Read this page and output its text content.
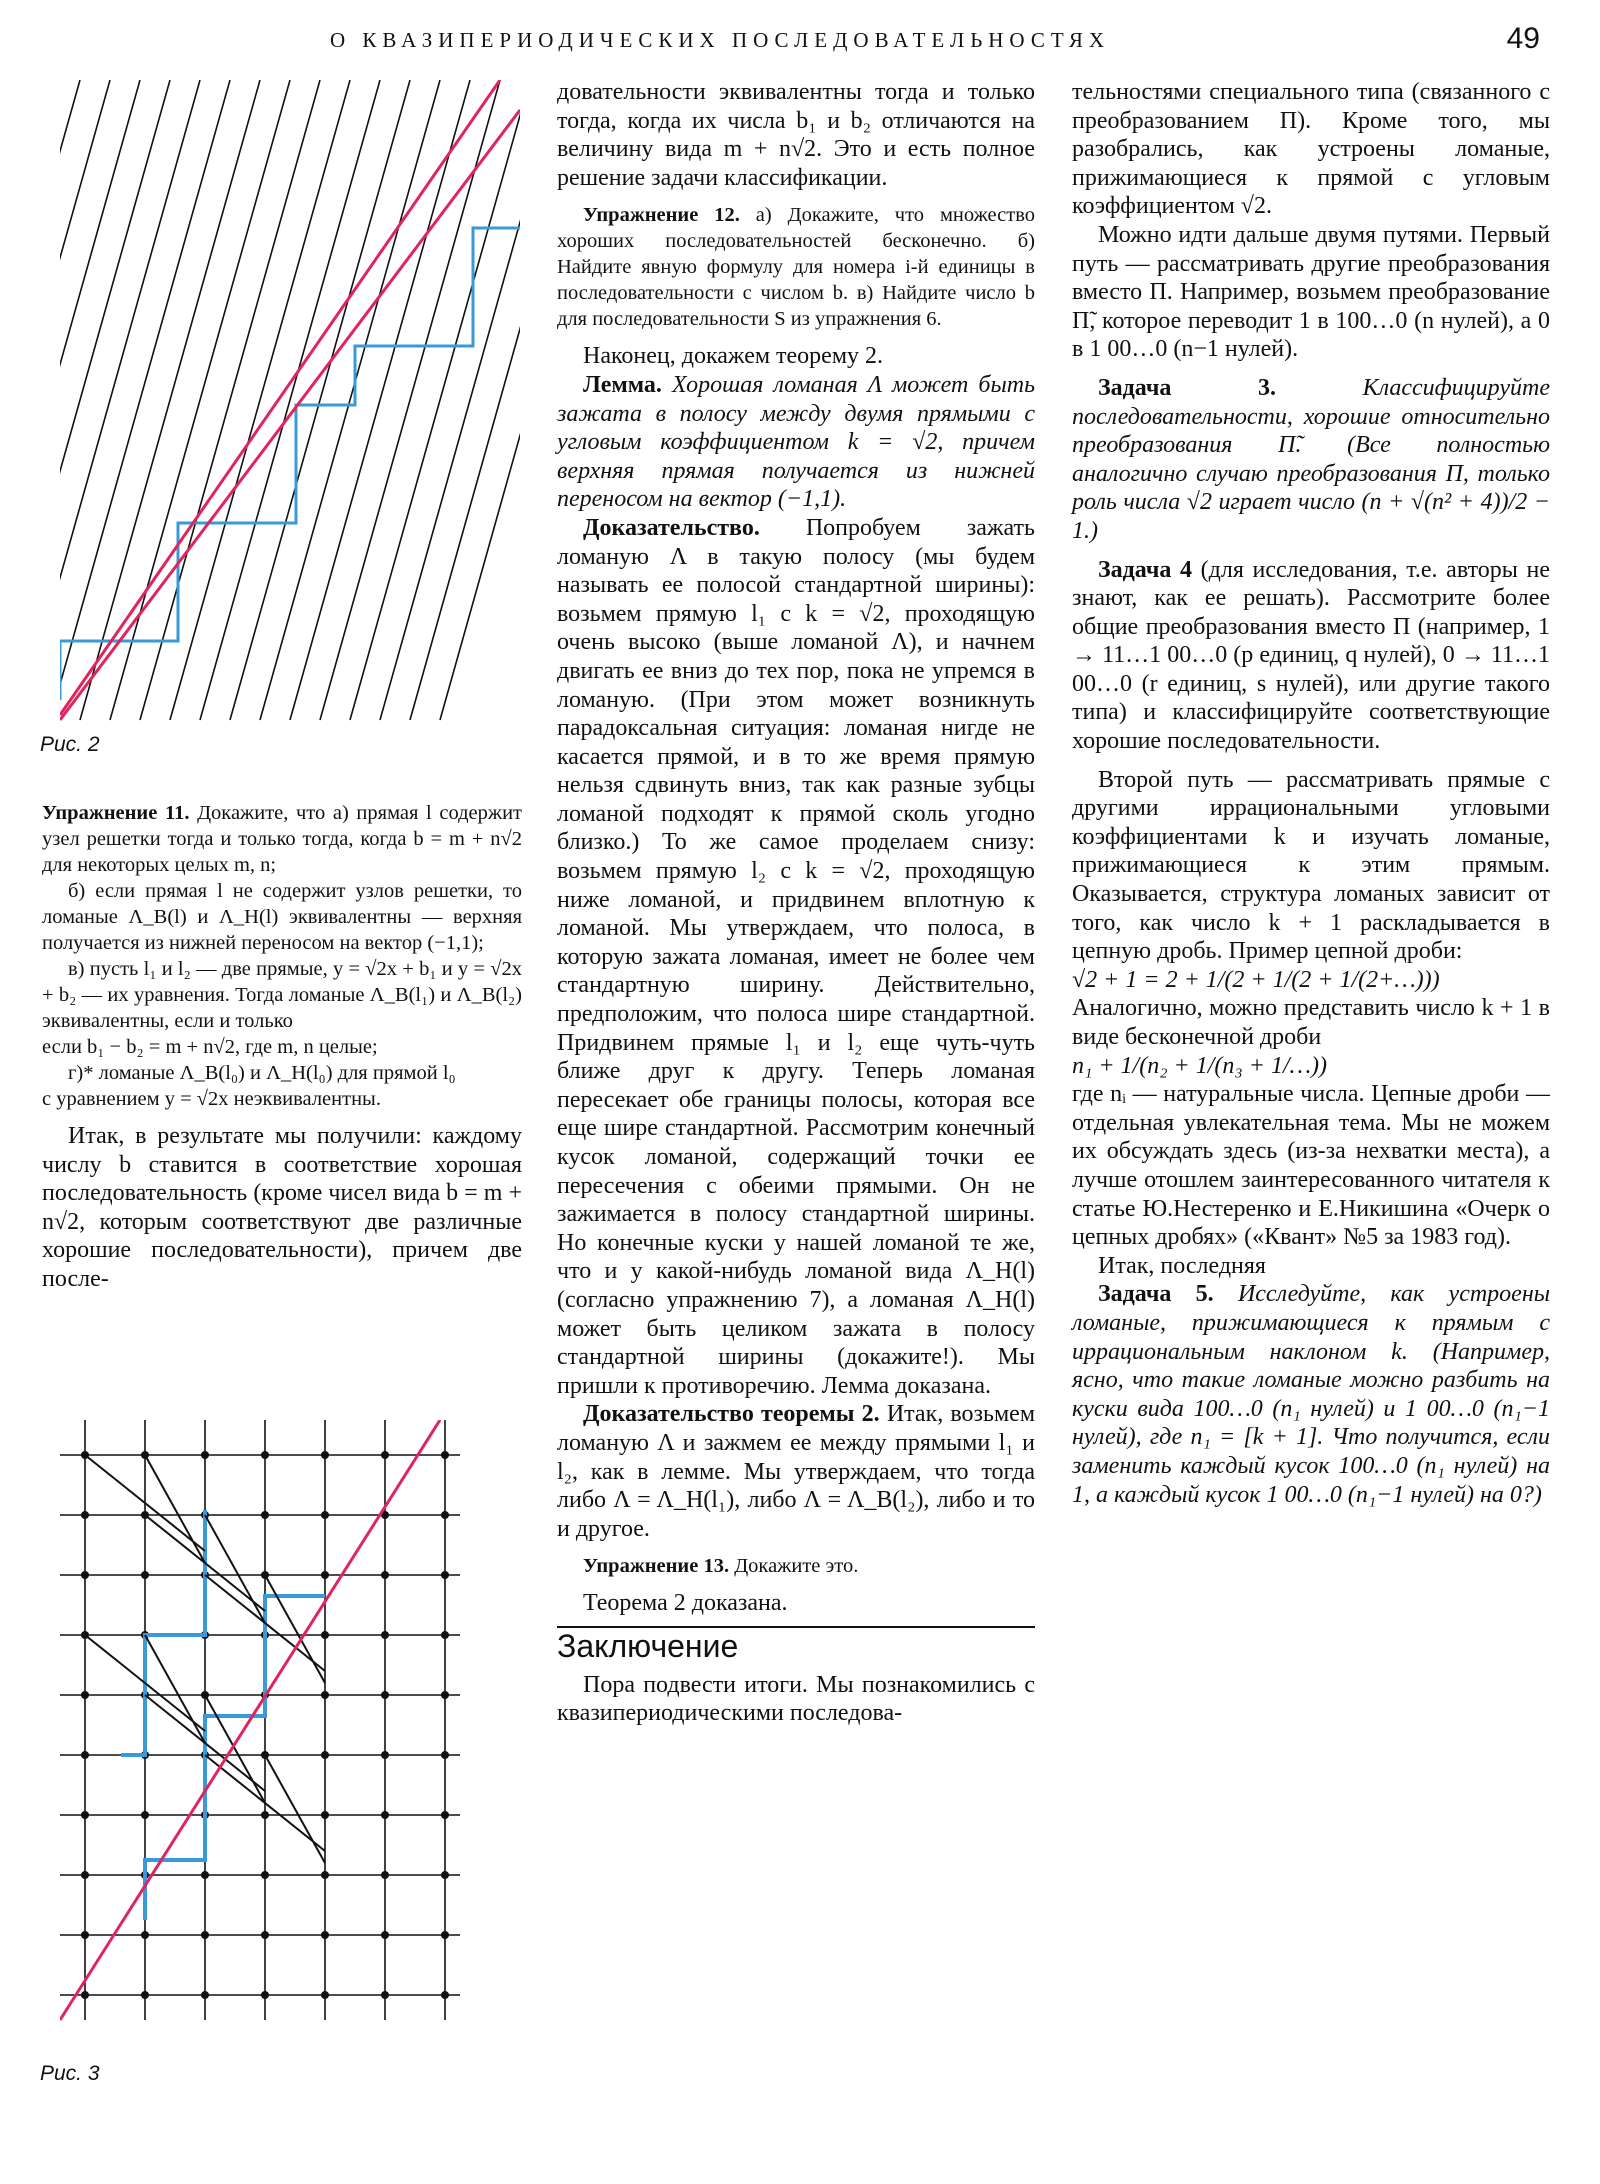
О КВАЗИПЕРИОДИЧЕСКИХ ПОСЛЕДОВАТЕЛЬНОСТЯХ	49
Рис. 2
Рис. 3

Упражнение 11. Докажите, что а) прямая l содержит узел решетки тогда и только тогда, когда b = m + n√2 для некоторых целых m, n;

б) если прямая l не содержит узлов решетки, то ломаные Λ_B(l) и Λ_H(l) эквивалентны — верхняя получается из нижней переносом на вектор (−1,1);

в) пусть l₁ и l₂ — две прямые, y = √2x + b₁ и y = √2x + b₂ — их уравнения. Тогда ломаные Λ_B(l₁) и Λ_B(l₂) эквивалентны, если и только

если b₁ − b₂ = m + n√2, где m, n целые;

г)* ломаные Λ_B(l₀) и Λ_H(l₀) для прямой l₀

с уравнением y = √2x неэквивалентны.

Итак, в результате мы получили: каждому числу b ставится в соответствие хорошая последовательность (кроме чисел вида b = m + n√2, которым соответствуют две различные хорошие последовательности), причем две после-

довательности эквивалентны тогда и только тогда, когда их числа b₁ и b₂ отличаются на величину вида m + n√2. Это и есть полное решение задачи классификации.

Упражнение 12. а) Докажите, что множество хороших последовательностей бесконечно. б) Найдите явную формулу для номера i-й единицы в последовательности с числом b. в) Найдите число b для последовательности S из упражнения 6.

Наконец, докажем теорему 2.

Лемма. Хорошая ломаная Λ может быть зажата в полосу между двумя прямыми с угловым коэффициентом k = √2, причем верхняя прямая получается из нижней переносом на вектор (−1,1).

Доказательство. Попробуем зажать ломаную Λ в такую полосу (мы будем называть ее полосой стандартной ширины): возьмем прямую l₁ с k = √2, проходящую очень высоко (выше ломаной Λ), и начнем двигать ее вниз до тех пор, пока не упремся в ломаную. (При этом может возникнуть парадоксальная ситуация: ломаная нигде не касается прямой, и в то же время прямую нельзя сдвинуть вниз, так как разные зубцы ломаной подходят к прямой сколь угодно близко.) То же самое проделаем снизу: возьмем прямую l₂ с k = √2, проходящую ниже ломаной, и придвинем вплотную к ломаной. Мы утверждаем, что полоса, в которую зажата ломаная, имеет не более чем стандартную ширину. Действительно, предположим, что полоса шире стандартной. Придвинем прямые l₁ и l₂ еще чуть-чуть ближе друг к другу. Теперь ломаная пересекает обе границы полосы, которая все еще шире стандартной. Рассмотрим конечный кусок ломаной, содержащий точки ее пересечения с обеими прямыми. Он не зажимается в полосу стандартной ширины. Но конечные куски у нашей ломаной те же, что и у какой-нибудь ломаной вида Λ_H(l) (согласно упражнению 7), а ломаная Λ_H(l) может быть целиком зажата в полосу стандартной ширины (докажите!). Мы пришли к противоречию. Лемма доказана.

Доказательство теоремы 2. Итак, возьмем ломаную Λ и зажмем ее между прямыми l₁ и l₂, как в лемме. Мы утверждаем, что тогда либо Λ = Λ_H(l₁), либо Λ = Λ_B(l₂), либо и то и другое.

Упражнение 13. Докажите это.

Теорема 2 доказана.

Заключение

Пора подвести итоги. Мы познакомились с квазипериодическими последова-

тельностями специального типа (связанного с преобразованием П). Кроме того, мы разобрались, как устроены ломаные, прижимающиеся к прямой с угловым коэффициентом √2.

Можно идти дальше двумя путями. Первый путь — рассматривать другие преобразования вместо П. Например, возьмем преобразование П̃, которое переводит 1 в 100…0 (n нулей), а 0 в 1 00…0 (n−1 нулей).

Задача 3.	Классифицируйте последовательности, хорошие относительно преобразования П̃. (Все полностью аналогично случаю преобразования П, только роль числа √2 играет число (n + √(n² + 4))/2 − 1.)

Задача 4 (для исследования, т.е. авторы не знают, как ее решать). Рассмотрите более общие преобразования вместо П (например, 1 → 11…1 00…0 (p единиц, q нулей), 0 → 11…1 00…0 (r единиц, s нулей), или другие такого типа) и классифицируйте соответствующие хорошие последовательности.

Второй путь — рассматривать прямые с другими иррациональными угловыми коэффициентами k и изучать ломаные, прижимающиеся к этим прямым. Оказывается, структура ломаных зависит от того, как число k + 1 раскладывается в цепную дробь. Пример цепной дроби:

√2 + 1 = 2 + 1/(2 + 1/(2 + 1/(2+…)))

Аналогично, можно представить число k + 1 в виде бесконечной дроби

n₁ + 1/(n₂ + 1/(n₃ + 1/…))

где nᵢ — натуральные числа. Цепные дроби — отдельная увлекательная тема. Мы не можем их обсуждать здесь (из-за нехватки места), а лучше отошлем заинтересованного читателя к статье Ю.Нестеренко и Е.Никишина «Очерк о цепных дробях» («Квант» №5 за 1983 год).

Итак, последняя

Задача 5. Исследуйте, как устроены ломаные, прижимающиеся к прямым с иррациональным наклоном k. (Например, ясно, что такие ломаные можно разбить на куски вида 100…0 (n₁ нулей) и 1 00…0 (n₁−1 нулей), где n₁ = [k + 1]. Что получится, если заменить каждый кусок 100…0 (n₁ нулей) на 1, а каждый кусок 1 00…0 (n₁−1 нулей) на 0?)
